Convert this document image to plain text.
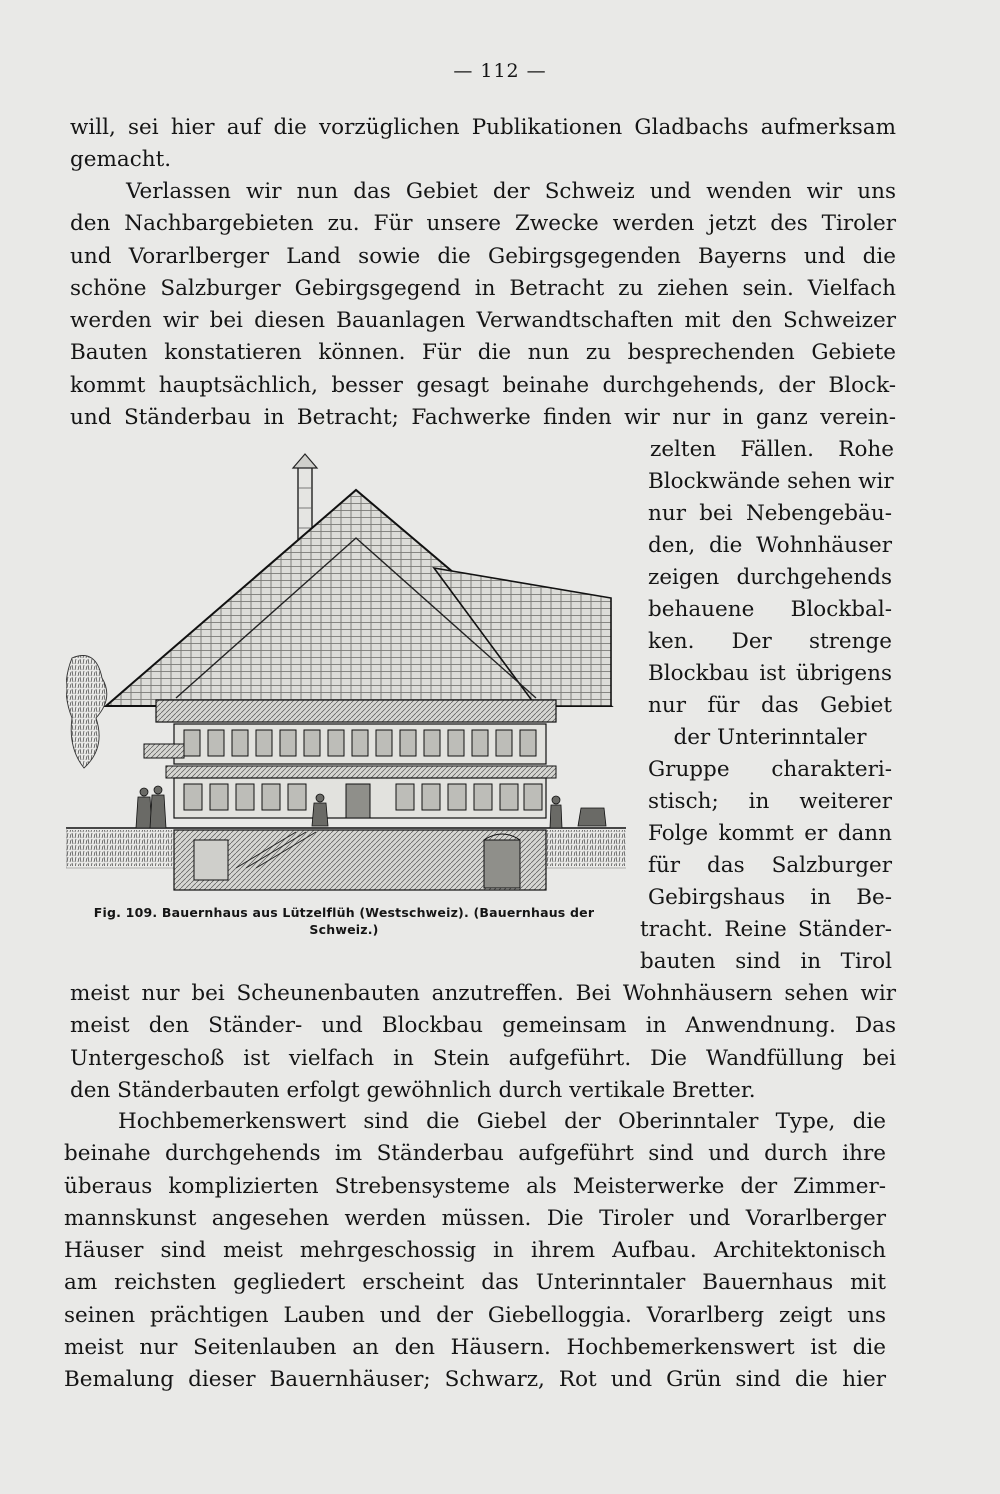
— 112 —
will, sei hier auf die vorzüglichen Publikationen Gladbachs aufmerksam
gemacht.
Verlassen wir nun das Gebiet der Schweiz und wenden wir uns
den Nachbargebieten zu. Für unsere Zwecke werden jetzt des Tiroler
und Vorarlberger Land sowie die Gebirgsgegenden Bayerns und die
schöne Salzburger Gebirgsgegend in Betracht zu ziehen sein. Vielfach
werden wir bei diesen Bauanlagen Verwandtschaften mit den Schweizer
Bauten konstatieren können. Für die nun zu besprechenden Gebiete
kommt hauptsächlich, besser gesagt beinahe durchgehends, der Block-
und Ständerbau in Betracht; Fachwerke finden wir nur in ganz verein-
zelten Fällen. Rohe
Blockwände sehen wir
nur bei Nebengebäu-
den, die Wohnhäuser
zeigen durchgehends
behauene Blockbal-
ken. Der strenge
Blockbau ist übrigens
nur für das Gebiet
der Unterinntaler
Gruppe charakteri-
stisch; in weiterer
Folge kommt er dann
für das Salzburger
Gebirgshaus in Be-
tracht. Reine Ständer-
bauten sind in Tirol
Fig. 109. Bauernhaus aus Lützelflüh (Westschweiz). (Bauernhaus der Schweiz.)
meist nur bei Scheunenbauten anzutreffen. Bei Wohnhäusern sehen wir
meist den Ständer- und Blockbau gemeinsam in Anwendnung. Das
Untergeschoß ist vielfach in Stein aufgeführt. Die Wandfüllung bei
den Ständerbauten erfolgt gewöhnlich durch vertikale Bretter.
Hochbemerkenswert sind die Giebel der Oberinntaler Type, die
beinahe durchgehends im Ständerbau aufgeführt sind und durch ihre
überaus komplizierten Strebensysteme als Meisterwerke der Zimmer-
mannskunst angesehen werden müssen. Die Tiroler und Vorarlberger
Häuser sind meist mehrgeschossig in ihrem Aufbau. Architektonisch
am reichsten gegliedert erscheint das Unterinntaler Bauernhaus mit
seinen prächtigen Lauben und der Giebelloggia. Vorarlberg zeigt uns
meist nur Seitenlauben an den Häusern. Hochbemerkenswert ist die
Bemalung dieser Bauernhäuser; Schwarz, Rot und Grün sind die hier
